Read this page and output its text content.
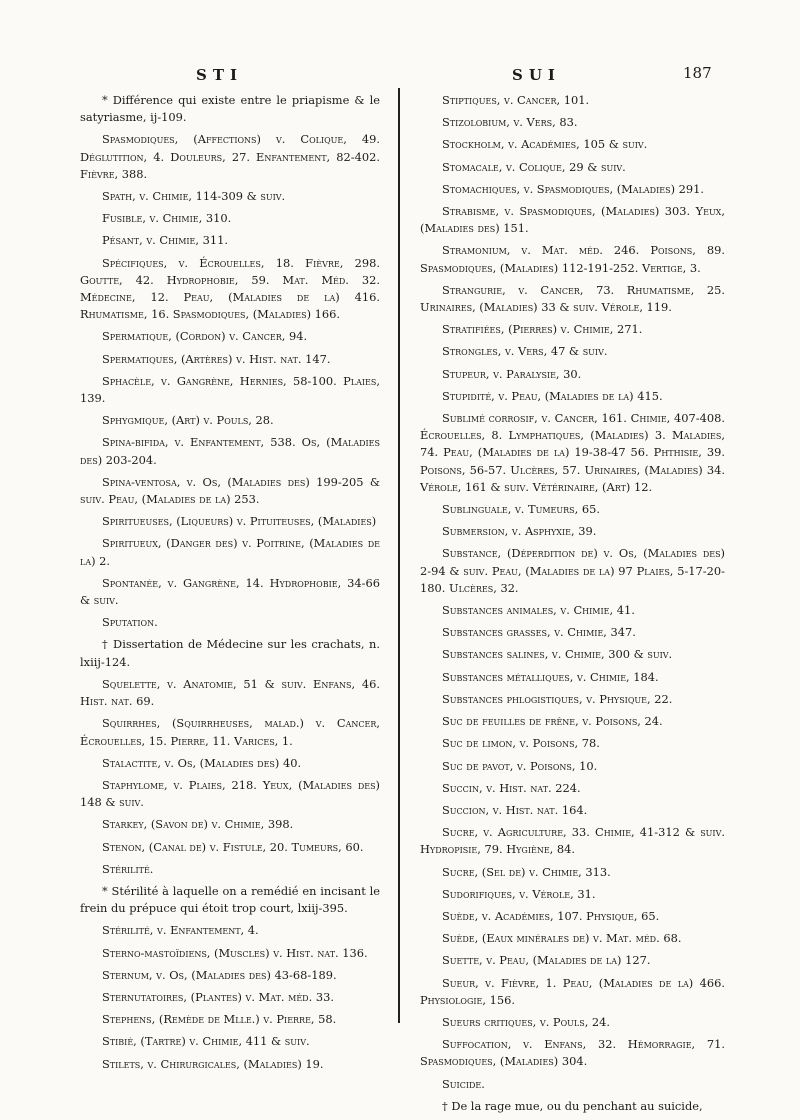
STI	SUI	187

* Différence qui existe entre le priapisme & le satyriasme, ij-109.

Spasmodiques, (Affections) v. Colique, 49. Déglutition, 4. Douleurs, 27. Enfantement, 82-402. Fièvre, 388.

Spath, v. Chimie, 114-309 & suiv.

Fusible, v. Chimie, 310.

Pésant, v. Chimie, 311.

Spécifiques, v. Écrouelles, 18. Fièvre, 298. Goutte, 42. Hydrophobie, 59. Mat. Méd. 32. Médecine, 12. Peau, (Maladies de la) 416. Rhumatisme, 16. Spasmodiques, (Maladies) 166.

Spermatique, (Cordon) v. Cancer, 94.

Spermatiques, (Artères) v. Hist. nat. 147.

Sphacèle, v. Gangrène, Hernies, 58-100. Plaies, 139.

Sphygmique, (Art) v. Pouls, 28.

Spina-bifida, v. Enfantement, 538. Os, (Maladies des) 203-204.

Spina-ventosa, v. Os, (Maladies des) 199-205 & suiv. Peau, (Maladies de la) 253.

Spiritueuses, (Liqueurs) v. Pituiteuses, (Maladies)

Spiritueux, (Danger des) v. Poitrine, (Maladies de la) 2.

Spontanée, v. Gangrène, 14. Hydrophobie, 34-66 & suiv.

Sputation.

† Dissertation de Médecine sur les crachats, n. lxiij-124.

Squelette, v. Anatomie, 51 & suiv. Enfans, 46. Hist. nat. 69.

Squirrhes, (Squirrheuses, malad.) v. Cancer, Écrouelles, 15. Pierre, 11. Varices, 1.

Stalactite, v. Os, (Maladies des) 40.

Staphylome, v. Plaies, 218. Yeux, (Maladies des) 148 & suiv.

Starkey, (Savon de) v. Chimie, 398.

Stenon, (Canal de) v. Fistule, 20. Tumeurs, 60.

Stérilité.

* Stérilité à laquelle on a remédié en incisant le frein du prépuce qui étoit trop court, lxiij-395.

Stérilité, v. Enfantement, 4.

Sterno-mastoïdiens, (Muscles) v. Hist. nat. 136.

Sternum, v. Os, (Maladies des) 43-68-189.

Sternutatoires, (Plantes) v. Mat. méd. 33.

Stephens, (Remède de Mlle.) v. Pierre, 58.

Stibié, (Tartre) v. Chimie, 411 & suiv.

Stilets, v. Chirurgicales, (Maladies) 19.

Stiptiques, v. Cancer, 101.

Stizolobium, v. Vers, 83.

Stockholm, v. Académies, 105 & suiv.

Stomacale, v. Colique, 29 & suiv.

Stomachiques, v. Spasmodiques, (Maladies) 291.

Strabisme, v. Spasmodiques, (Maladies) 303. Yeux, (Maladies des) 151.

Stramonium, v. Mat. méd. 246. Poisons, 89. Spasmodiques, (Maladies) 112-191-252. Vertige, 3.

Strangurie, v. Cancer, 73. Rhumatisme, 25. Urinaires, (Maladies) 33 & suiv. Vérole, 119.

Stratifiées, (Pierres) v. Chimie, 271.

Strongles, v. Vers, 47 & suiv.

Stupeur, v. Paralysie, 30.

Stupidité, v. Peau, (Maladies de la) 415.

Sublimé corrosif, v. Cancer, 161. Chimie, 407-408. Écrouelles, 8. Lymphatiques, (Maladies) 3. Maladies, 74. Peau, (Maladies de la) 19-38-47 56. Phthisie, 39. Poisons, 56-57. Ulcères, 57. Urinaires, (Maladies) 34. Vérole, 161 & suiv. Vétérinaire, (Art) 12.

Sublinguale, v. Tumeurs, 65.

Submersion, v. Asphyxie, 39.

Substance, (Déperdition de) v. Os, (Maladies des) 2-94 & suiv. Peau, (Maladies de la) 97 Plaies, 5-17-20-180. Ulcères, 32.

Substances animales, v. Chimie, 41.

Substances grasses, v. Chimie, 347.

Substances salines, v. Chimie, 300 & suiv.

Substances métalliques, v. Chimie, 184.

Substances phlogistiques, v. Physique, 22.

Suc de feuilles de frêne, v. Poisons, 24.

Suc de limon, v. Poisons, 78.

Suc de pavot, v. Poisons, 10.

Succin, v. Hist. nat. 224.

Succion, v. Hist. nat. 164.

Sucre, v. Agriculture, 33. Chimie, 41-312 & suiv. Hydropisie, 79. Hygiène, 84.

Sucre, (Sel de) v. Chimie, 313.

Sudorifiques, v. Vérole, 31.

Suède, v. Académies, 107. Physique, 65.

Suède, (Eaux minérales de) v. Mat. méd. 68.

Suette, v. Peau, (Maladies de la) 127.

Sueur, v. Fièvre, 1. Peau, (Maladies de la) 466. Physiologie, 156.

Sueurs critiques, v. Pouls, 24.

Suffocation, v. Enfans, 32. Hémorragie, 71. Spasmodiques, (Maladies) 304.

Suicide.

† De la rage mue, ou du penchant au suicide,
